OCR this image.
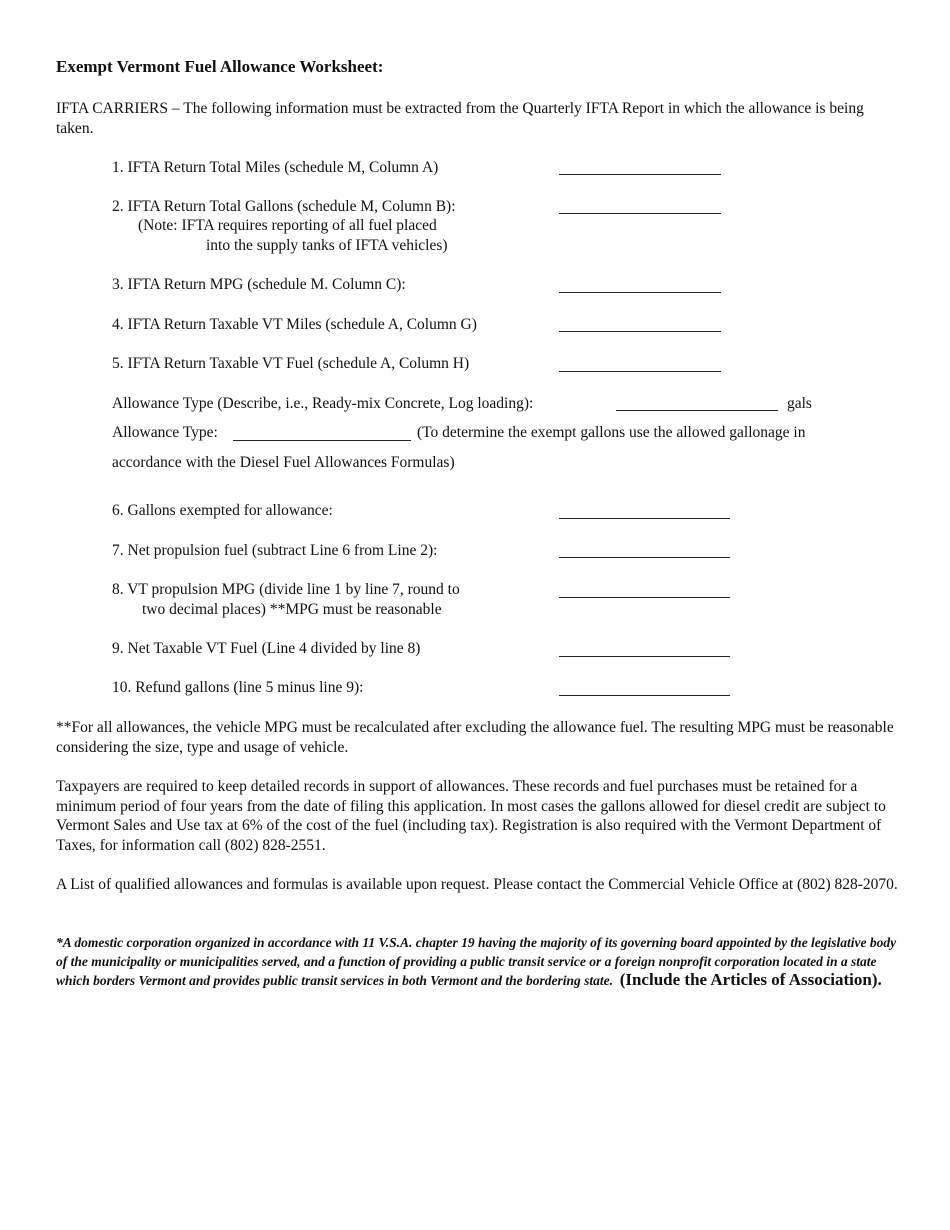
Exempt Vermont Fuel Allowance Worksheet:
IFTA CARRIERS – The following information must be extracted from the Quarterly IFTA Report in which the allowance is being taken.
1. IFTA Return Total Miles (schedule M, Column A)
2. IFTA Return Total Gallons (schedule M, Column B):
(Note: IFTA requires reporting of all fuel placed
into the supply tanks of IFTA vehicles)
3. IFTA Return MPG (schedule M. Column C):
4. IFTA Return Taxable VT Miles (schedule A, Column G)
5. IFTA Return Taxable VT Fuel (schedule A, Column H)
Allowance Type (Describe, i.e., Ready-mix Concrete, Log loading):	gals
Allowance Type:	(To determine the exempt gallons use the allowed gallonage in
accordance with the Diesel Fuel Allowances Formulas)
6. Gallons exempted for allowance:
7. Net propulsion fuel (subtract Line 6 from Line 2):
8. VT propulsion MPG (divide line 1 by line 7, round to
two decimal places) **MPG must be reasonable
9. Net Taxable VT Fuel (Line 4 divided by line 8)
10. Refund gallons (line 5 minus line 9):
**For all allowances, the vehicle MPG must be recalculated after excluding the allowance fuel. The resulting MPG must be reasonable considering the size, type and usage of vehicle.
Taxpayers are required to keep detailed records in support of allowances. These records and fuel purchases must be retained for a minimum period of four years from the date of filing this application. In most cases the gallons allowed for diesel credit are subject to Vermont Sales and Use tax at 6% of the cost of the fuel (including tax). Registration is also required with the Vermont Department of Taxes, for information call (802) 828-2551.
A List of qualified allowances and formulas is available upon request. Please contact the Commercial Vehicle Office at (802) 828-2070.
*A domestic corporation organized in accordance with 11 V.S.A. chapter 19 having the majority of its governing board appointed by the legislative body of the municipality or municipalities served, and a function of providing a public transit service or a foreign nonprofit corporation located in a state which borders Vermont and provides public transit services in both Vermont and the bordering state. (Include the Articles of Association).
